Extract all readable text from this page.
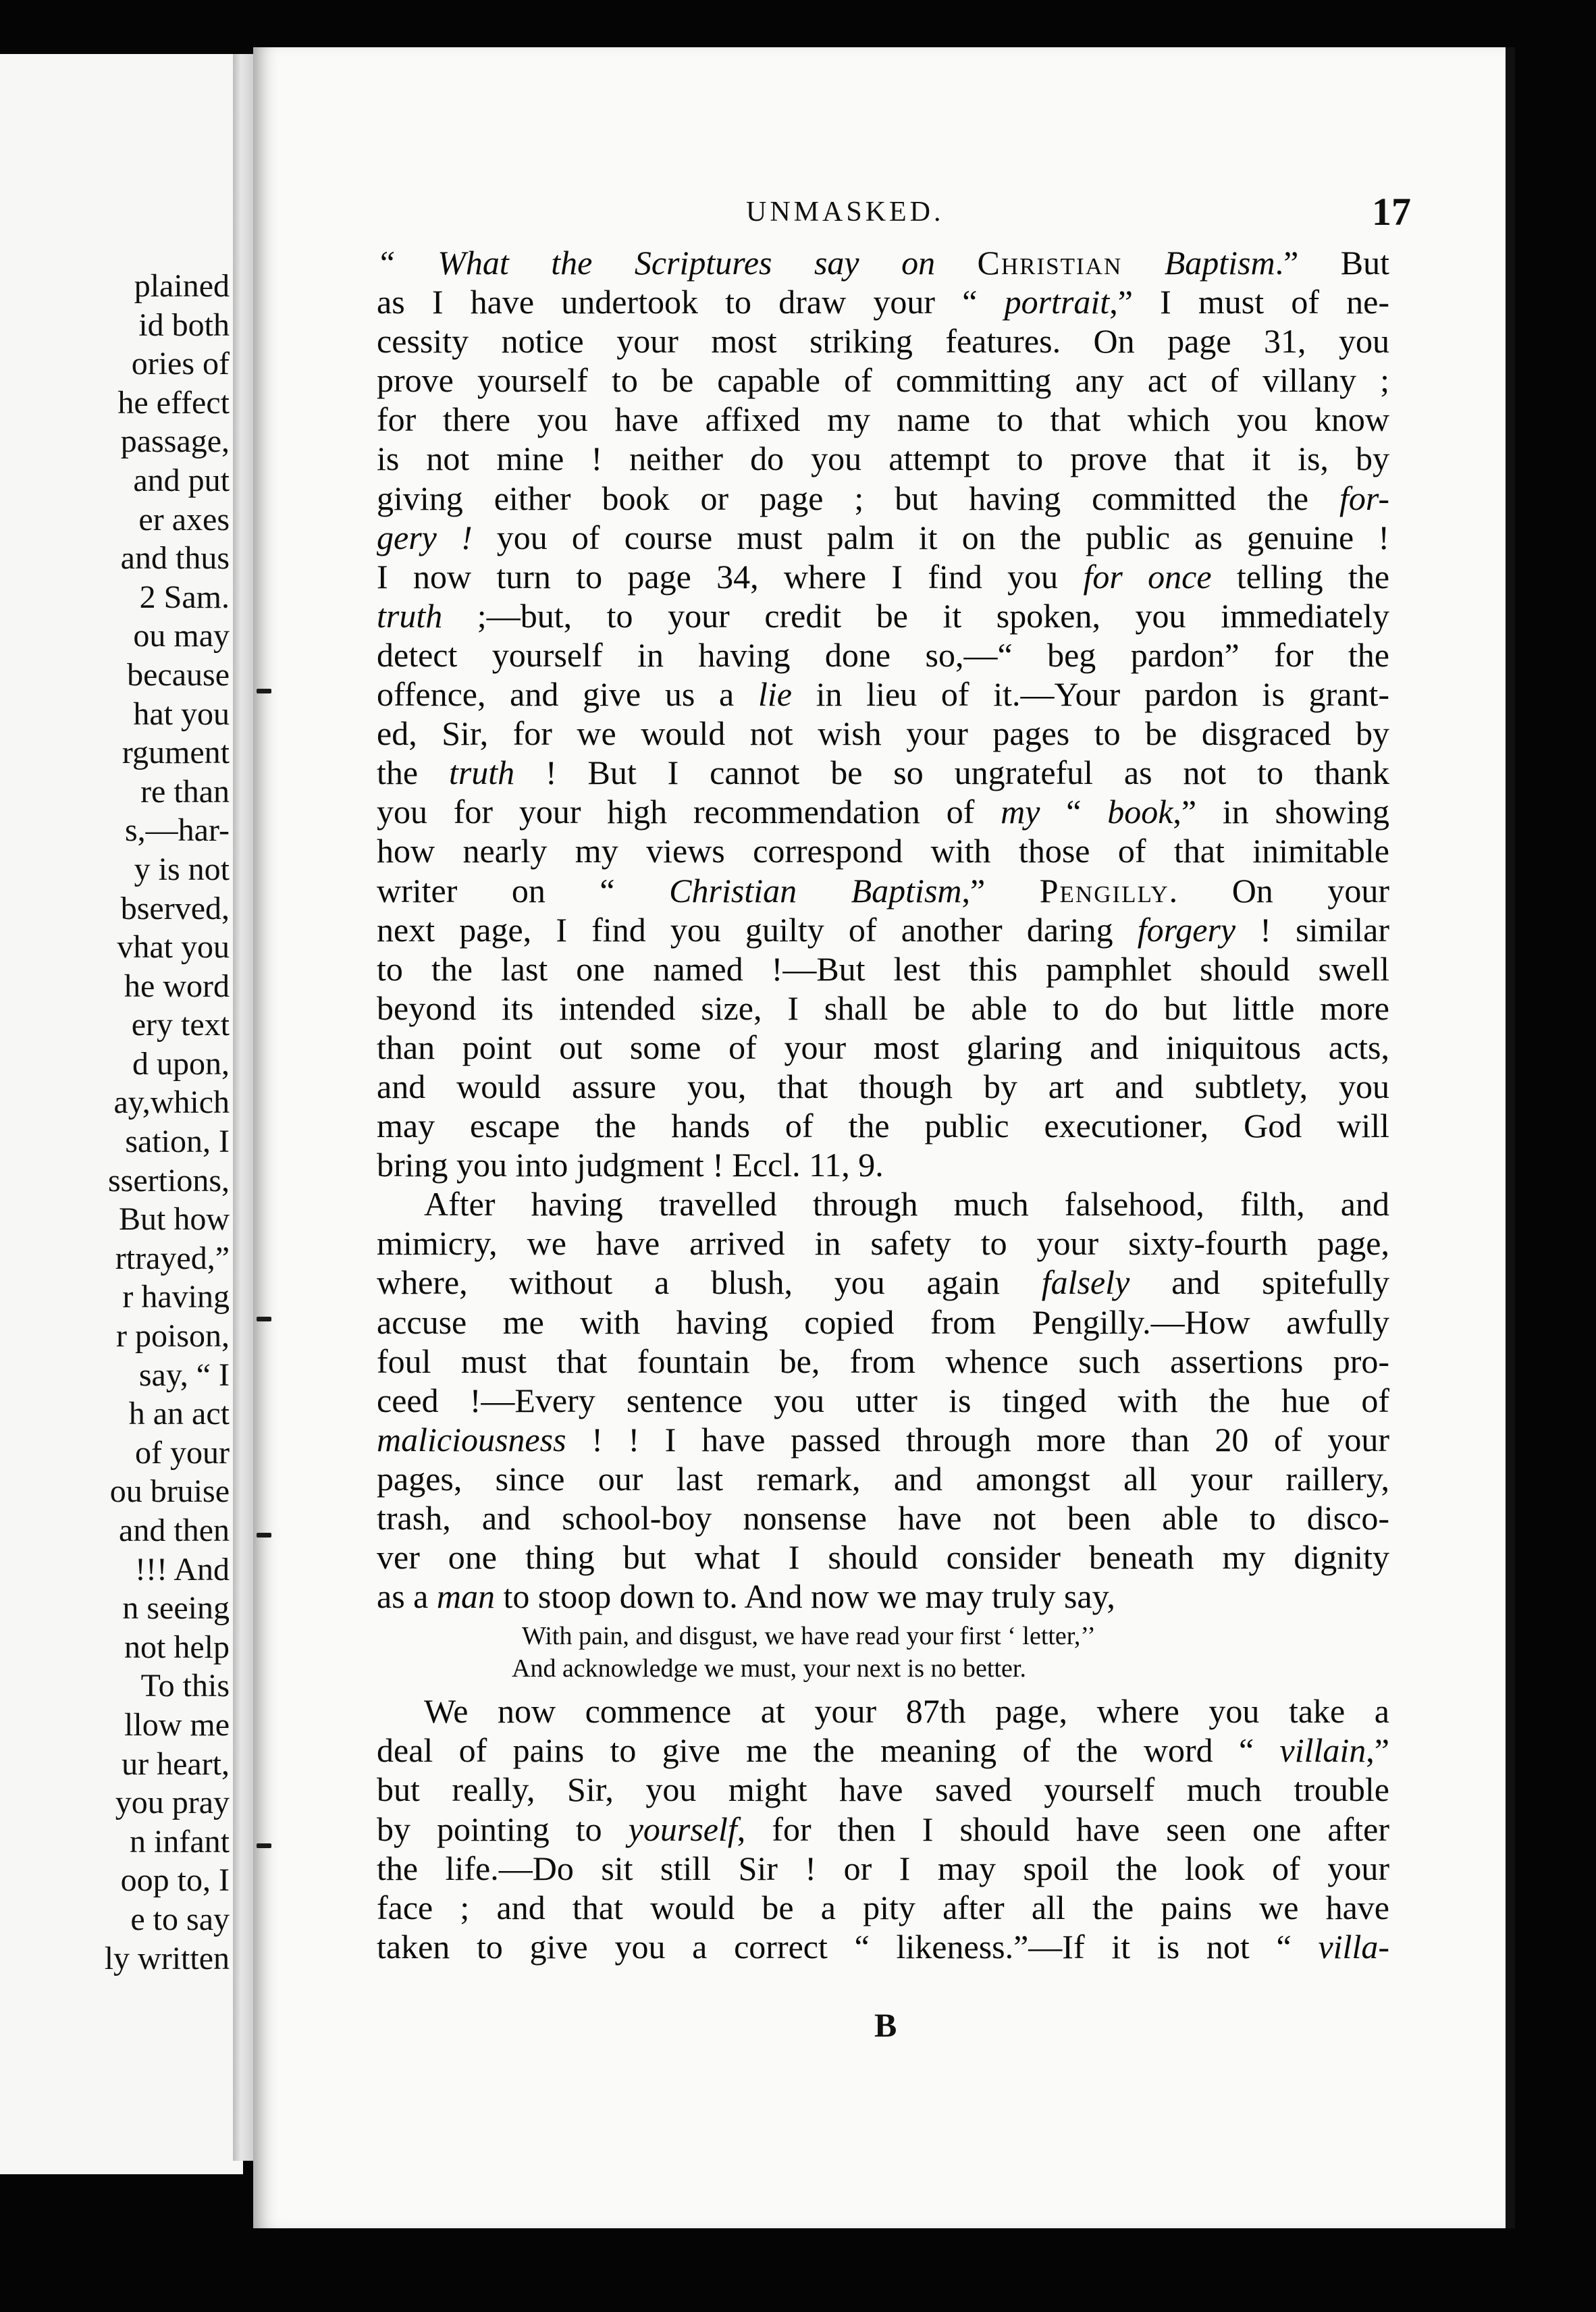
plained
id both
ories of
he effect
passage,
and put
er axes
and thus
2 Sam.
ou may
because
hat you
rgument
re than
s,—har-
y is not
bserved,
vhat you
he word
ery text
d upon,
ay,which
sation, I
ssertions,
But how
rtrayed,”
r having
r poison,
say, “ I
h an act
of your
ou bruise
and then
!!! And
n seeing
not help
To this
llow me
ur heart,
you pray
n infant
oop to, I
e to say
ly written
UNMASKED.	17
“ What the Scriptures say on Christian Baptism.” But
as I have undertook to draw your “ portrait,” I must of ne-
cessity notice your most striking features. On page 31, you
prove yourself to be capable of committing any act of villany ;
for there you have affixed my name to that which you know
is not mine ! neither do you attempt to prove that it is, by
giving either book or page ; but having committed the for-
gery ! you of course must palm it on the public as genuine !
I now turn to page 34, where I find you for once telling the
truth ;—but, to your credit be it spoken, you immediately
detect yourself in having done so,—“ beg pardon” for the
offence, and give us a lie in lieu of it.—Your pardon is grant-
ed, Sir, for we would not wish your pages to be disgraced by
the truth ! But I cannot be so ungrateful as not to thank
you for your high recommendation of my “ book,” in showing
how nearly my views correspond with those of that inimitable
writer on “ Christian Baptism,” Pengilly. On your
next page, I find you guilty of another daring forgery ! similar
to the last one named !—But lest this pamphlet should swell
beyond its intended size, I shall be able to do but little more
than point out some of your most glaring and iniquitous acts,
and would assure you, that though by art and subtlety, you
may escape the hands of the public executioner, God will
bring you into judgment ! Eccl. 11, 9.
After having travelled through much falsehood, filth, and
mimicry, we have arrived in safety to your sixty-fourth page,
where, without a blush, you again falsely and spitefully
accuse me with having copied from Pengilly.—How awfully
foul must that fountain be, from whence such assertions pro-
ceed !—Every sentence you utter is tinged with the hue of
maliciousness ! ! I have passed through more than 20 of your
pages, since our last remark, and amongst all your raillery,
trash, and school-boy nonsense have not been able to disco-
ver one thing but what I should consider beneath my dignity
as a man to stoop down to. And now we may truly say,
With pain, and disgust, we have read your first ‘ letter,’’
And acknowledge we must, your next is no better.
We now commence at your 87th page, where you take a
deal of pains to give me the meaning of the word “ villain,”
but really, Sir, you might have saved yourself much trouble
by pointing to yourself, for then I should have seen one after
the life.—Do sit still Sir ! or I may spoil the look of your
face ; and that would be a pity after all the pains we have
taken to give you a correct “ likeness.”—If it is not “ villa-
B
